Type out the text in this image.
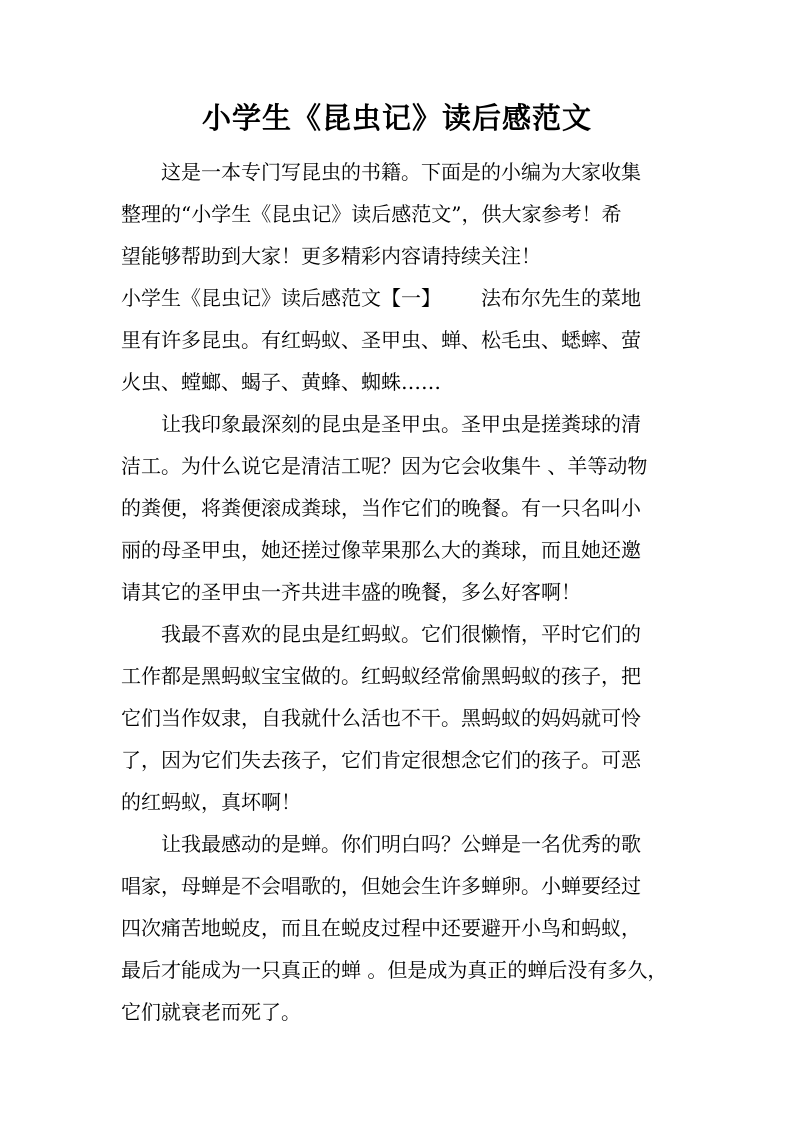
小学生《昆虫记》读后感范文
这是一本专门写昆虫的书籍。下面是的小编为大家收集
整理的“小学生《昆虫记》读后感范文”，供大家参考！希
望能够帮助到大家！更多精彩内容请持续关注！
小学生《昆虫记》读后感范文【一】 法布尔先生的菜地
里有许多昆虫。有红蚂蚁、圣甲虫、蝉、松毛虫、蟋蟀、萤
火虫、螳螂、蝎子、黄蜂、蜘蛛……
让我印象最深刻的昆虫是圣甲虫。圣甲虫是搓粪球的清
洁工。为什么说它是清洁工呢？因为它会收集牛 、羊等动物
的粪便，将粪便滚成粪球，当作它们的晚餐。有一只名叫小
丽的母圣甲虫，她还搓过像苹果那么大的粪球，而且她还邀
请其它的圣甲虫一齐共进丰盛的晚餐，多么好客啊！
我最不喜欢的昆虫是红蚂蚁。它们很懒惰，平时它们的
工作都是黑蚂蚁宝宝做的。红蚂蚁经常偷黑蚂蚁的孩子，把
它们当作奴隶，自我就什么活也不干。黑蚂蚁的妈妈就可怜
了，因为它们失去孩子，它们肯定很想念它们的孩子。可恶
的红蚂蚁，真坏啊！
让我最感动的是蝉。你们明白吗？公蝉是一名优秀的歌
唱家，母蝉是不会唱歌的，但她会生许多蝉卵。小蝉要经过
四次痛苦地蜕皮，而且在蜕皮过程中还要避开小鸟和蚂蚁，
最后才能成为一只真正的蝉 。但是成为真正的蝉后没有多久，
它们就衰老而死了。
